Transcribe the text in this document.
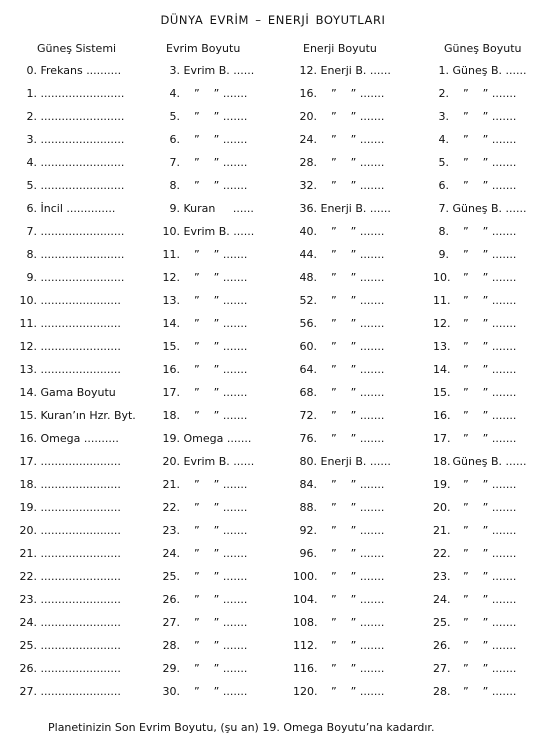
DÜNYA EVRİM – ENERJİ BOYUTLARI
Güneş Sistemi
0. Frekans ..........
1. ........................
2. ........................
3. ........................
4. ........................
5. ........................
6. İncil ..............
7. ........................
8. ........................
9. ........................
10. .......................
11. .......................
12. .......................
13. .......................
14. Gama Boyutu
15. Kuran’ın Hzr. Byt.
16. Omega ..........
17. .......................
18. .......................
19. .......................
20. .......................
21. .......................
22. .......................
23. .......................
24. .......................
25. .......................
26. .......................
27. .......................
Evrim Boyutu
3. Evrim B. ......
4.    ”    ” .......
5.    ”    ” .......
6.    ”    ” .......
7.    ”    ” .......
8.    ”    ” .......
9. Kuran     ......
10. Evrim B. ......
11.    ”    ” .......
12.    ”    ” .......
13.    ”    ” .......
14.    ”    ” .......
15.    ”    ” .......
16.    ”    ” .......
17.    ”    ” .......
18.    ”    ” .......
19. Omega .......
20. Evrim B. ......
21.    ”    ” .......
22.    ”    ” .......
23.    ”    ” .......
24.    ”    ” .......
25.    ”    ” .......
26.    ”    ” .......
27.    ”    ” .......
28.    ”    ” .......
29.    ”    ” .......
30.    ”    ” .......
Enerji Boyutu
12. Enerji B. ......
16.    ”    ” .......
20.    ”    ” .......
24.    ”    ” .......
28.    ”    ” .......
32.    ”    ” .......
36. Enerji B. ......
40.    ”    ” .......
44.    ”    ” .......
48.    ”    ” .......
52.    ”    ” .......
56.    ”    ” .......
60.    ”    ” .......
64.    ”    ” .......
68.    ”    ” .......
72.    ”    ” .......
76.    ”    ” .......
80. Enerji B. ......
84.    ”    ” .......
88.    ”    ” .......
92.    ”    ” .......
96.    ”    ” .......
100.    ”    ” .......
104.    ”    ” .......
108.    ”    ” .......
112.    ”    ” .......
116.    ”    ” .......
120.    ”    ” .......
Güneş Boyutu
1. Güneş B. ......
2.    ”    ” .......
3.    ”    ” .......
4.    ”    ” .......
5.    ”    ” .......
6.    ”    ” .......
7. Güneş B. ......
8.    ”    ” .......
9.    ”    ” .......
10.    ”    ” .......
11.    ”    ” .......
12.    ”    ” .......
13.    ”    ” .......
14.    ”    ” .......
15.    ”    ” .......
16.    ”    ” .......
17.    ”    ” .......
18. Güneş B. ......
19.    ”    ” .......
20.    ”    ” .......
21.    ”    ” .......
22.    ”    ” .......
23.    ”    ” .......
24.    ”    ” .......
25.    ”    ” .......
26.    ”    ” .......
27.    ”    ” .......
28.    ”    ” .......
Planetinizin Son Evrim Boyutu, (şu an) 19. Omega Boyutu’na kadardır.
